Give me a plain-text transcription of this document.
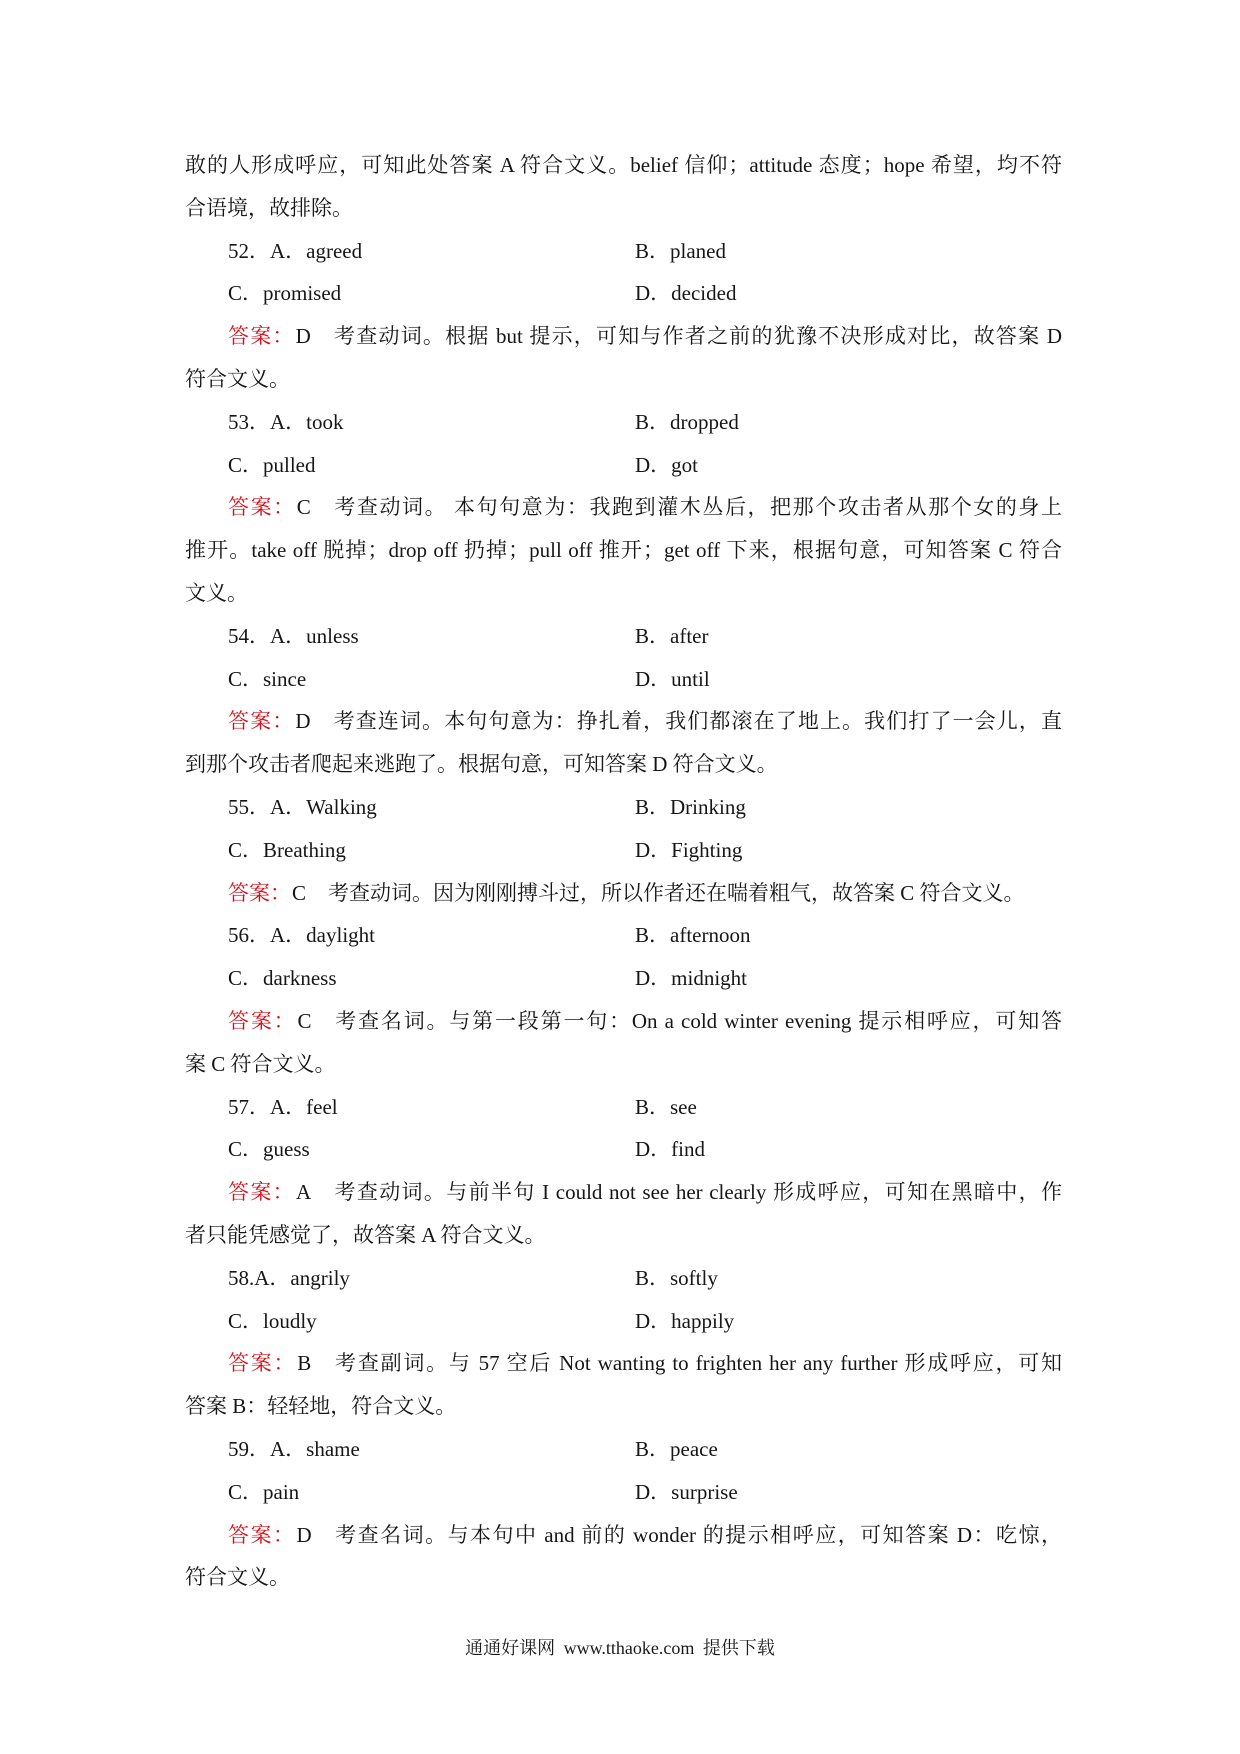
敢的人形成呼应，可知此处答案 A 符合文义。belief 信仰；attitude 态度；hope 希望，均不符
合语境，故排除。
52．A．agreed	B．planed
C．promised	D．decided
答案：D 考查动词。根据 but 提示，可知与作者之前的犹豫不决形成对比，故答案 D
符合文义。
53．A．took	B．dropped
C．pulled	D．got
答案：C 考查动词。 本句句意为：我跑到灌木丛后，把那个攻击者从那个女的身上
推开。take off 脱掉；drop off 扔掉；pull off 推开；get off 下来，根据句意，可知答案 C 符合
文义。
54．A．unless	B．after
C．since	D．until
答案：D 考查连词。本句句意为：挣扎着，我们都滚在了地上。我们打了一会儿，直
到那个攻击者爬起来逃跑了。根据句意，可知答案 D 符合文义。
55．A．Walking	B．Drinking
C．Breathing	D．Fighting
答案：C 考查动词。因为刚刚搏斗过，所以作者还在喘着粗气，故答案 C 符合文义。
56．A．daylight	B．afternoon
C．darkness	D．midnight
答案：C 考查名词。与第一段第一句：On a cold winter evening 提示相呼应，可知答
案 C 符合文义。
57．A．feel	B．see
C．guess	D．find
答案：A 考查动词。与前半句 I could not see her clearly 形成呼应，可知在黑暗中，作
者只能凭感觉了，故答案 A 符合文义。
58.A．angrily	B．softly
C．loudly	D．happily
答案：B 考查副词。与 57 空后 Not wanting to frighten her any further 形成呼应，可知
答案 B：轻轻地，符合文义。
59．A．shame	B．peace
C．pain	D．surprise
答案：D 考查名词。与本句中 and 前的 wonder 的提示相呼应，可知答案 D：吃惊，
符合文义。
通通好课网 www.tthaoke.com 提供下载
